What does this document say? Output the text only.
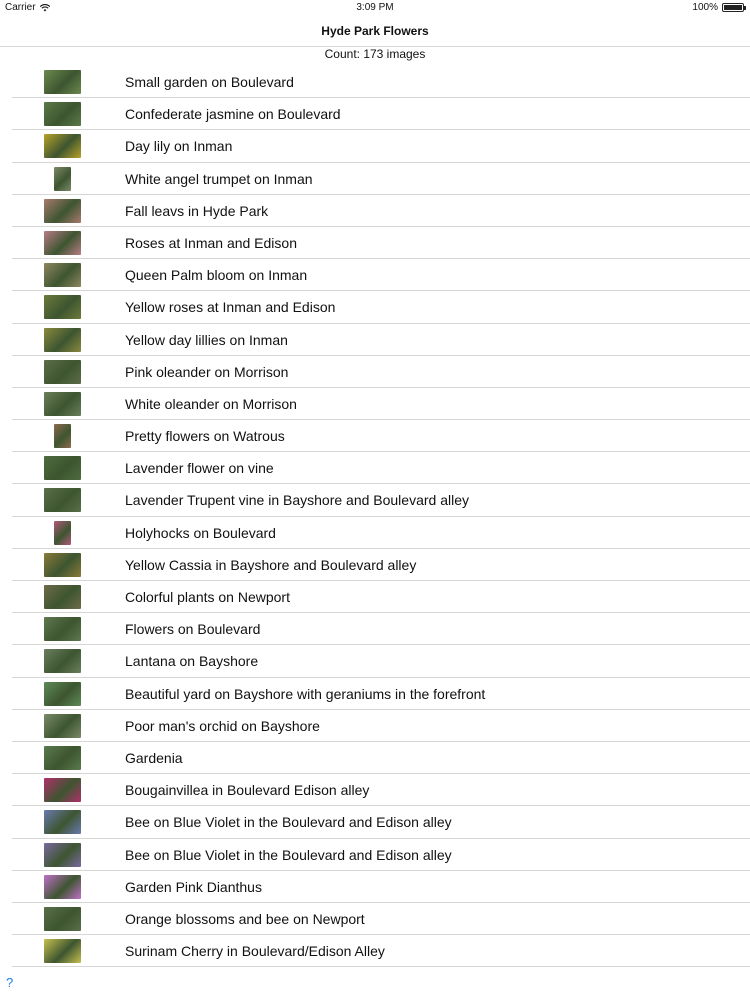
Carrier	3:09 PM	100%
Hyde Park Flowers
Count: 173 images
Small garden on Boulevard
Confederate jasmine on Boulevard
Day lily on Inman
White angel trumpet on Inman
Fall leavs in Hyde Park
Roses at Inman and Edison
Queen Palm bloom on Inman
Yellow roses at Inman and Edison
Yellow day lillies on Inman
Pink oleander on Morrison
White oleander on Morrison
Pretty flowers on Watrous
Lavender flower on vine
Lavender Trupent vine in Bayshore and Boulevard alley
Holyhocks on Boulevard
Yellow Cassia in Bayshore and Boulevard alley
Colorful plants on Newport
Flowers on Boulevard
Lantana on Bayshore
Beautiful yard on Bayshore with geraniums in the forefront
Poor man's orchid on Bayshore
Gardenia
Bougainvillea in Boulevard Edison alley
Bee on Blue Violet in the Boulevard and Edison alley
Bee on Blue Violet in the Boulevard and Edison alley
Garden Pink Dianthus
Orange blossoms and bee on Newport
Surinam Cherry in Boulevard/Edison Alley
?
